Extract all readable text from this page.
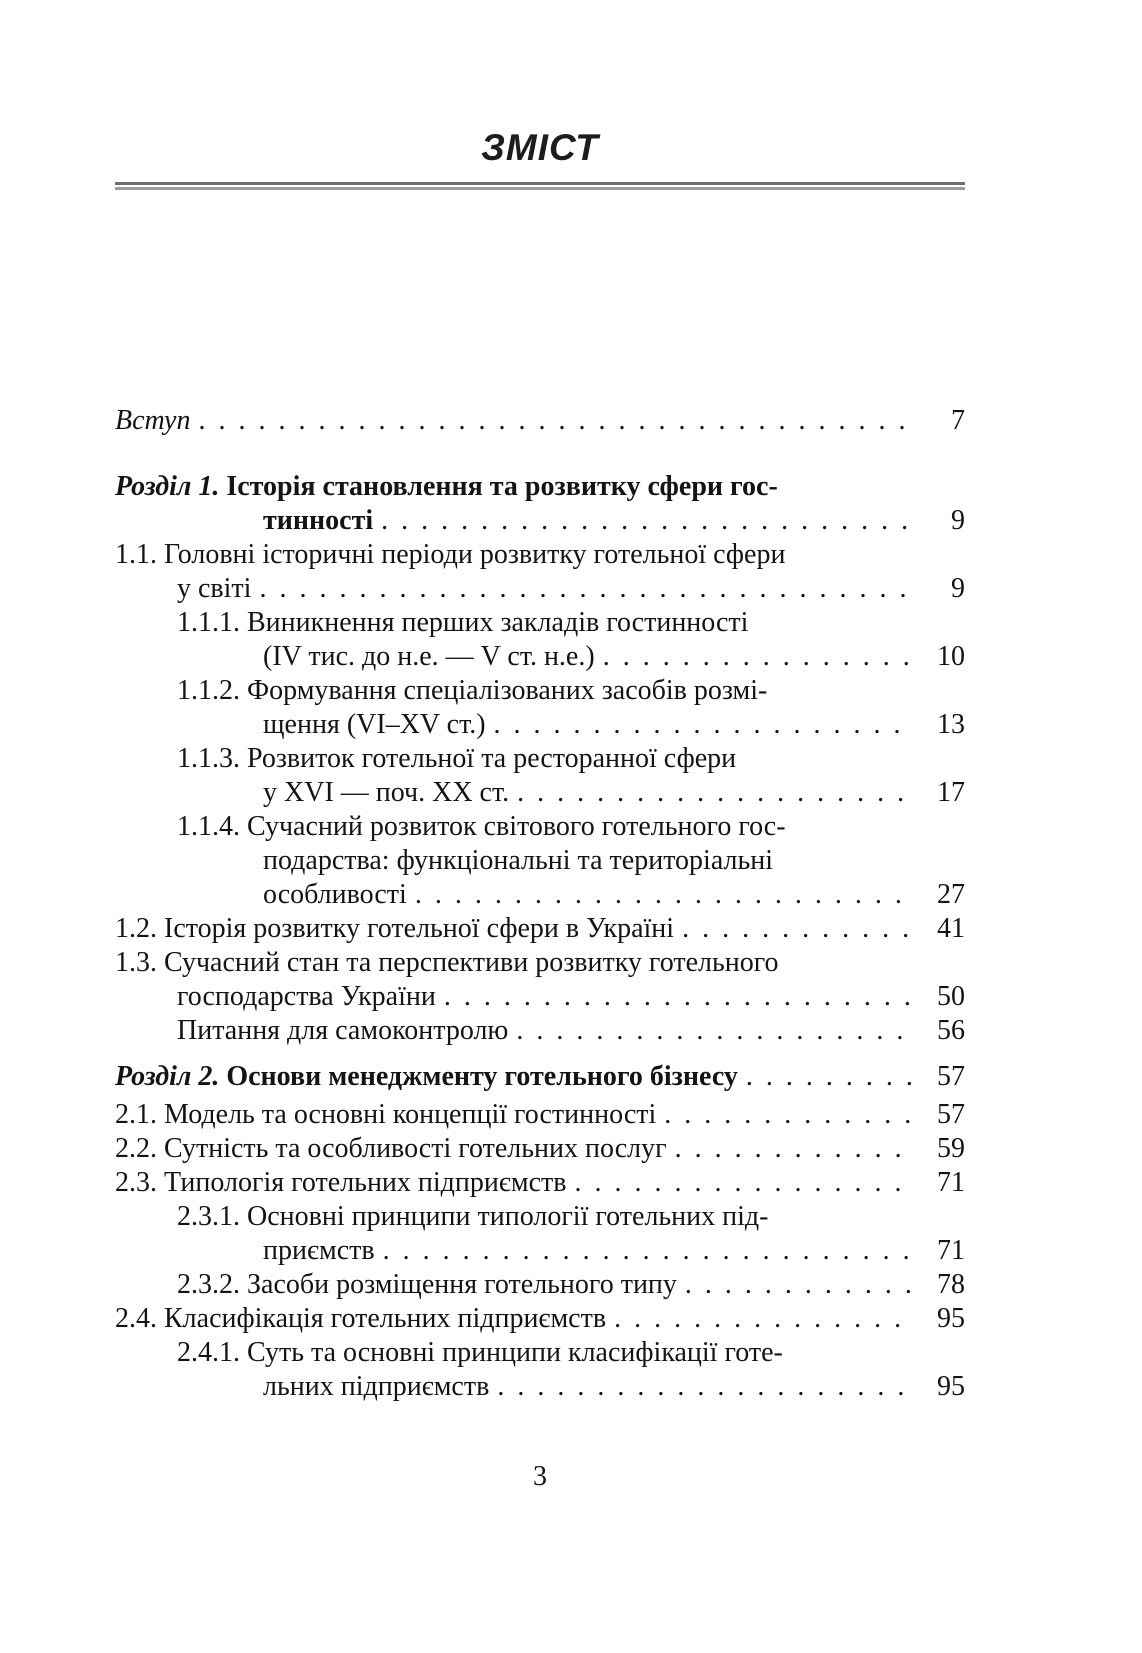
ЗМІСТ
Вступ . . .	7
Розділ 1. Історія становлення та розвитку сфери гос-
тинності . . .	9
1.1. Головні історичні періоди розвитку готельної сфери
у світі . . .	9
1.1.1. Виникнення перших закладів гостинності
(IV тис. до н.е. — V ст. н.е.) . . .	10
1.1.2. Формування спеціалізованих засобів розмі-
щення (VI–XV ст.) . . .	13
1.1.3. Розвиток готельної та ресторанної сфери
у XVI — поч. XX ст. . . .	17
1.1.4. Сучасний розвиток світового готельного гос-
подарства: функціональні та територіальні
особливості . . .	27
1.2. Історія розвитку готельної сфери в Україні . . .	41
1.3. Сучасний стан та перспективи розвитку готельного
господарства України . . .	50
Питання для самоконтролю . . .	56
Розділ 2. Основи менеджменту готельного бізнесу . . .	57
2.1. Модель та основні концепції гостинності . . .	57
2.2. Сутність та особливості готельних послуг . . .	59
2.3. Типологія готельних підприємств . . .	71
2.3.1. Основні принципи типології готельних під-
приємств . . .	71
2.3.2. Засоби розміщення готельного типу . . .	78
2.4. Класифікація готельних підприємств . . .	95
2.4.1. Суть та основні принципи класифікації готе-
льних підприємств . . .	95
3
